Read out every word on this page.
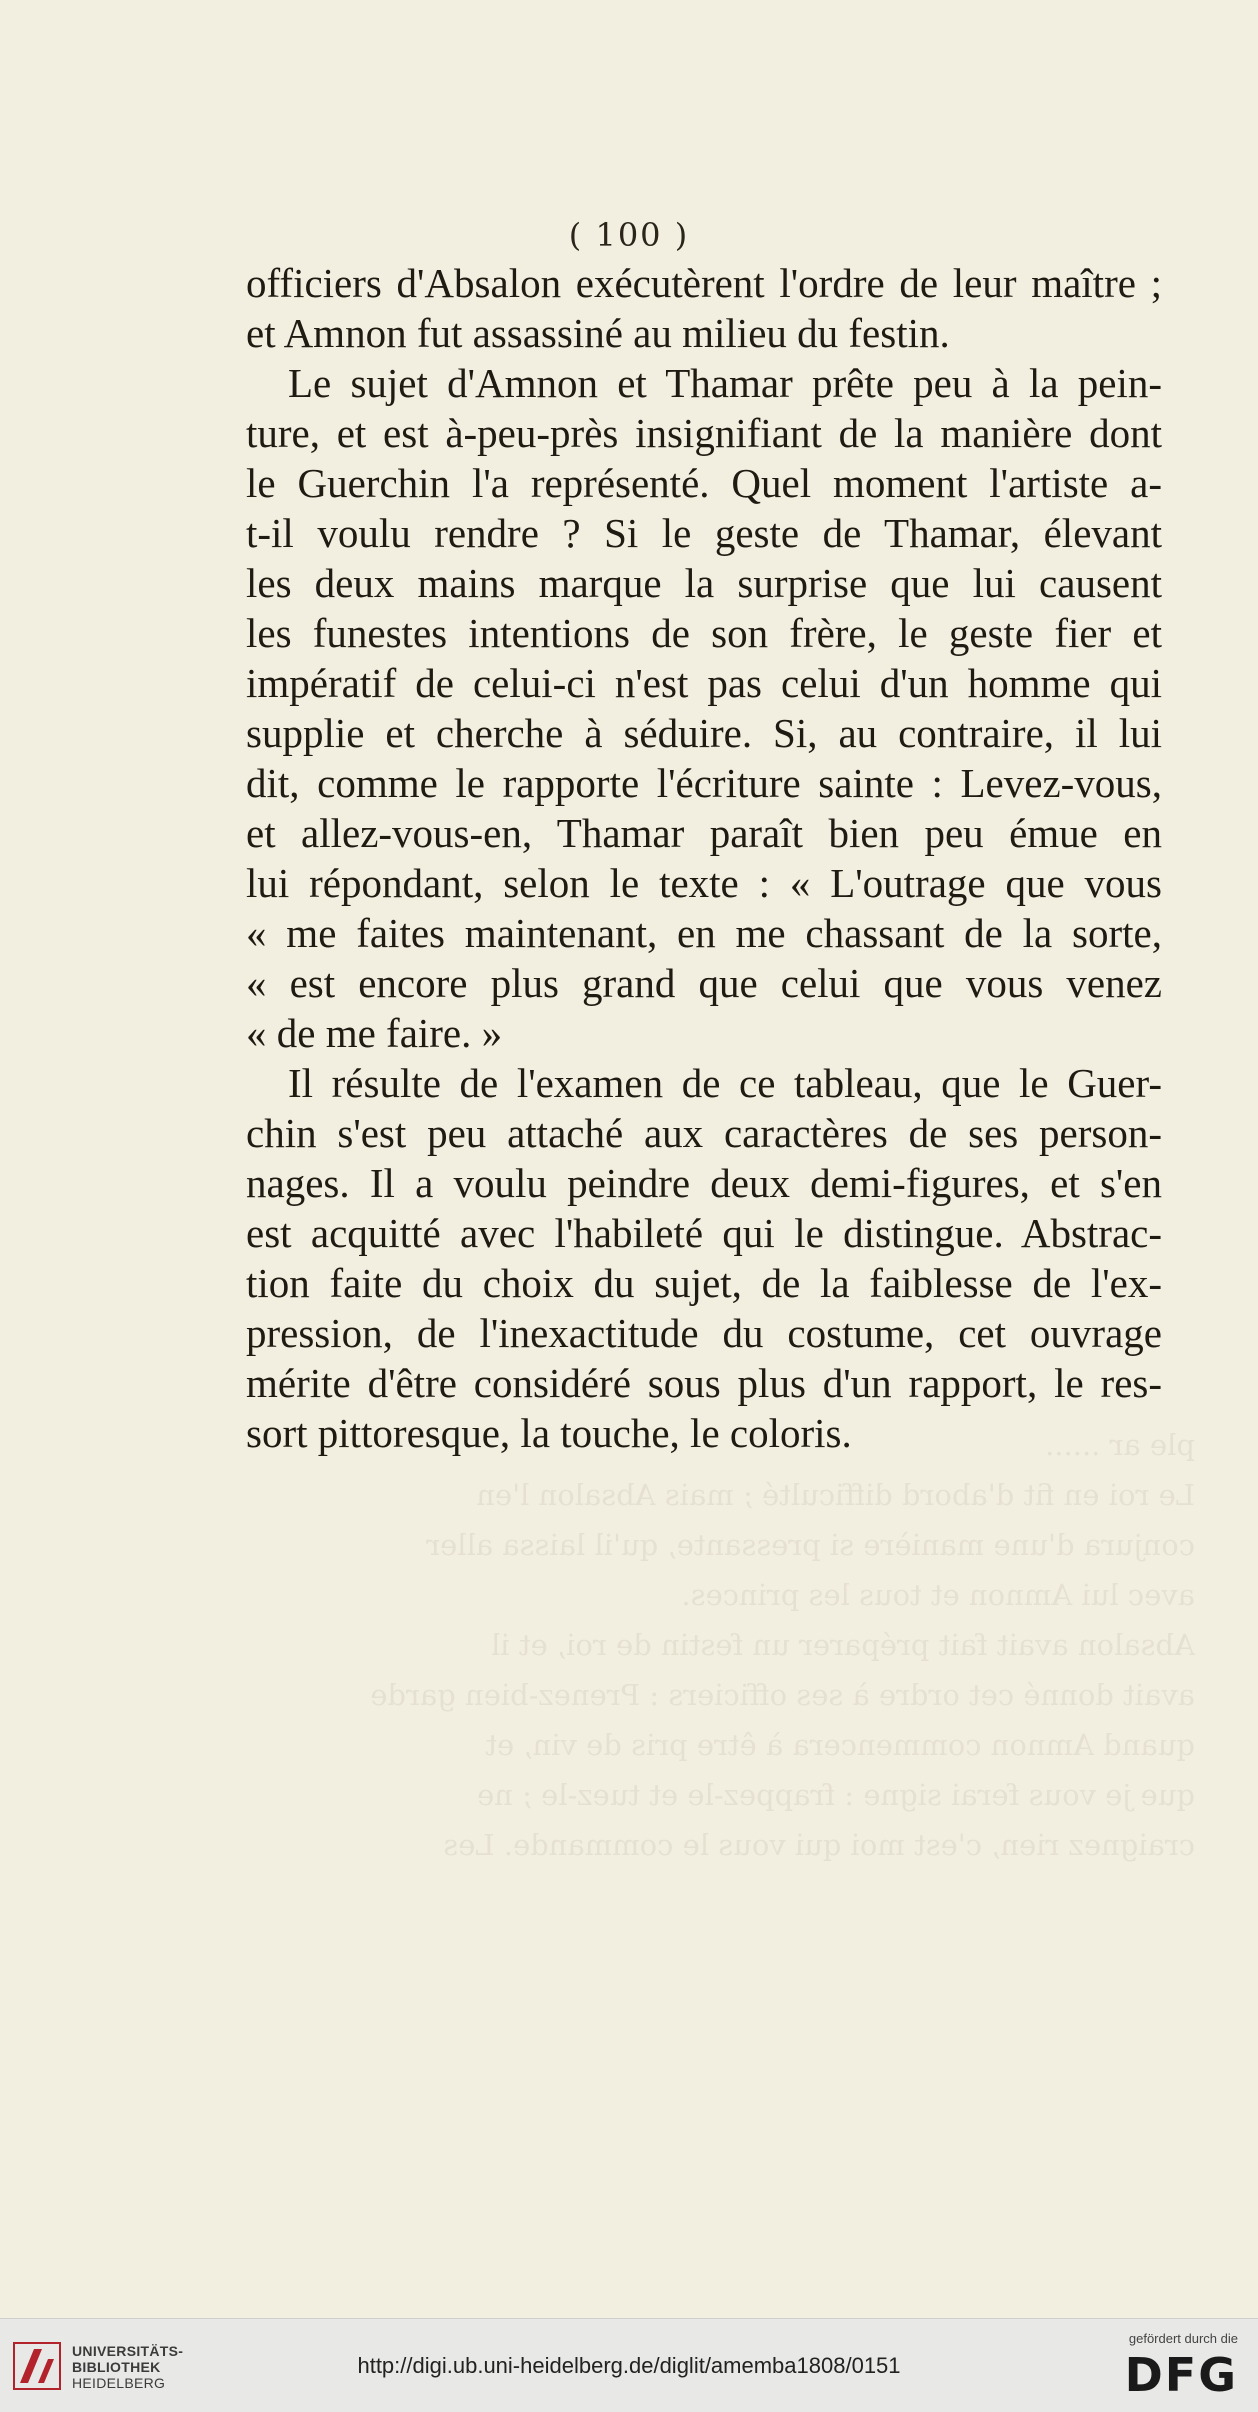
ple ar ......
Le roi en fit d'abord difficulté ; mais Absalon l'en
conjura d'une manière si pressante, qu'il laissa aller
avec lui Amnon et tous les princes.
Absalon avait fait préparer un festin de roi, et il
avait donné cet ordre à ses officiers : Prenez-bien garde
quand Amnon commencera à être pris de vin, et
que je vous ferai signe : frappez-le et tuez-le ; ne
craignez rien, c'est moi qui vous le commande. Les
( 100 )
officiers d'Absalon exécutèrent l'ordre de leur maître ;
et Amnon fut assassiné au milieu du festin.
Le sujet d'Amnon et Thamar prête peu à la pein-
ture, et est à-peu-près insignifiant de la manière dont
le Guerchin l'a représenté. Quel moment l'artiste a-
t-il voulu rendre ? Si le geste de Thamar, élevant
les deux mains marque la surprise que lui causent
les funestes intentions de son frère, le geste fier et
impératif de celui-ci n'est pas celui d'un homme qui
supplie et cherche à séduire. Si, au contraire, il lui
dit, comme le rapporte l'écriture sainte : Levez-vous,
et allez-vous-en, Thamar paraît bien peu émue en
lui répondant, selon le texte : « L'outrage que vous
« me faites maintenant, en me chassant de la sorte,
« est encore plus grand que celui que vous venez
« de me faire. »
Il résulte de l'examen de ce tableau, que le Guer-
chin s'est peu attaché aux caractères de ses person-
nages. Il a voulu peindre deux demi-figures, et s'en
est acquitté avec l'habileté qui le distingue. Abstrac-
tion faite du choix du sujet, de la faiblesse de l'ex-
pression, de l'inexactitude du costume, cet ouvrage
mérite d'être considéré sous plus d'un rapport, le res-
sort pittoresque, la touche, le coloris.
UNIVERSITÄTS-
BIBLIOTHEK
HEIDELBERG
http://digi.ub.uni-heidelberg.de/diglit/amemba1808/0151
gefördert durch die
DFG
